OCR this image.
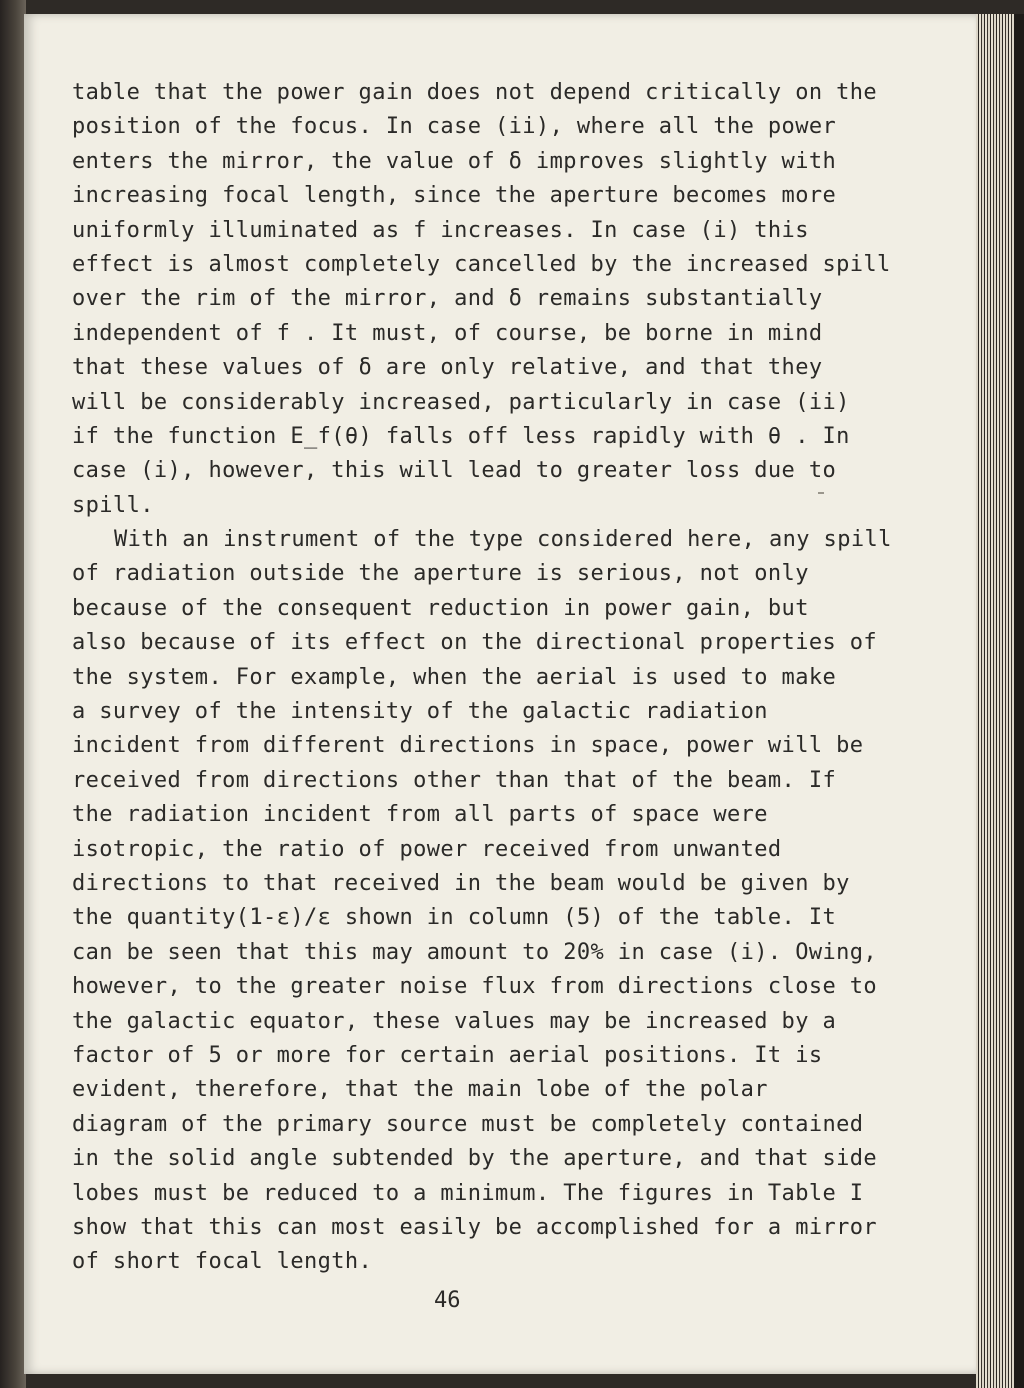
table that the power gain does not depend critically on the
position of the focus. In case (ii), where all the power
enters the mirror, the value of δ improves slightly with
increasing focal length, since the aperture becomes more
uniformly illuminated as f increases. In case (i) this
effect is almost completely cancelled by the increased spill
over the rim of the mirror, and δ remains substantially
independent of f . It must, of course, be borne in mind
that these values of δ are only relative, and that they
will be considerably increased, particularly in case (ii)
if the function E_f(θ) falls off less rapidly with θ . In
case (i), however, this will lead to greater loss due to
spill.
With an instrument of the type considered here, any spill
of radiation outside the aperture is serious, not only
because of the consequent reduction in power gain, but
also because of its effect on the directional properties of
the system. For example, when the aerial is used to make
a survey of the intensity of the galactic radiation
incident from different directions in space, power will be
received from directions other than that of the beam. If
the radiation incident from all parts of space were
isotropic, the ratio of power received from unwanted
directions to that received in the beam would be given by
the quantity(1-ε)/ε shown in column (5) of the table. It
can be seen that this may amount to 20% in case (i). Owing,
however, to the greater noise flux from directions close to
the galactic equator, these values may be increased by a
factor of 5 or more for certain aerial positions. It is
evident, therefore, that the main lobe of the polar
diagram of the primary source must be completely contained
in the solid angle subtended by the aperture, and that side
lobes must be reduced to a minimum. The figures in Table I
show that this can most easily be accomplished for a mirror
of short focal length.
46
